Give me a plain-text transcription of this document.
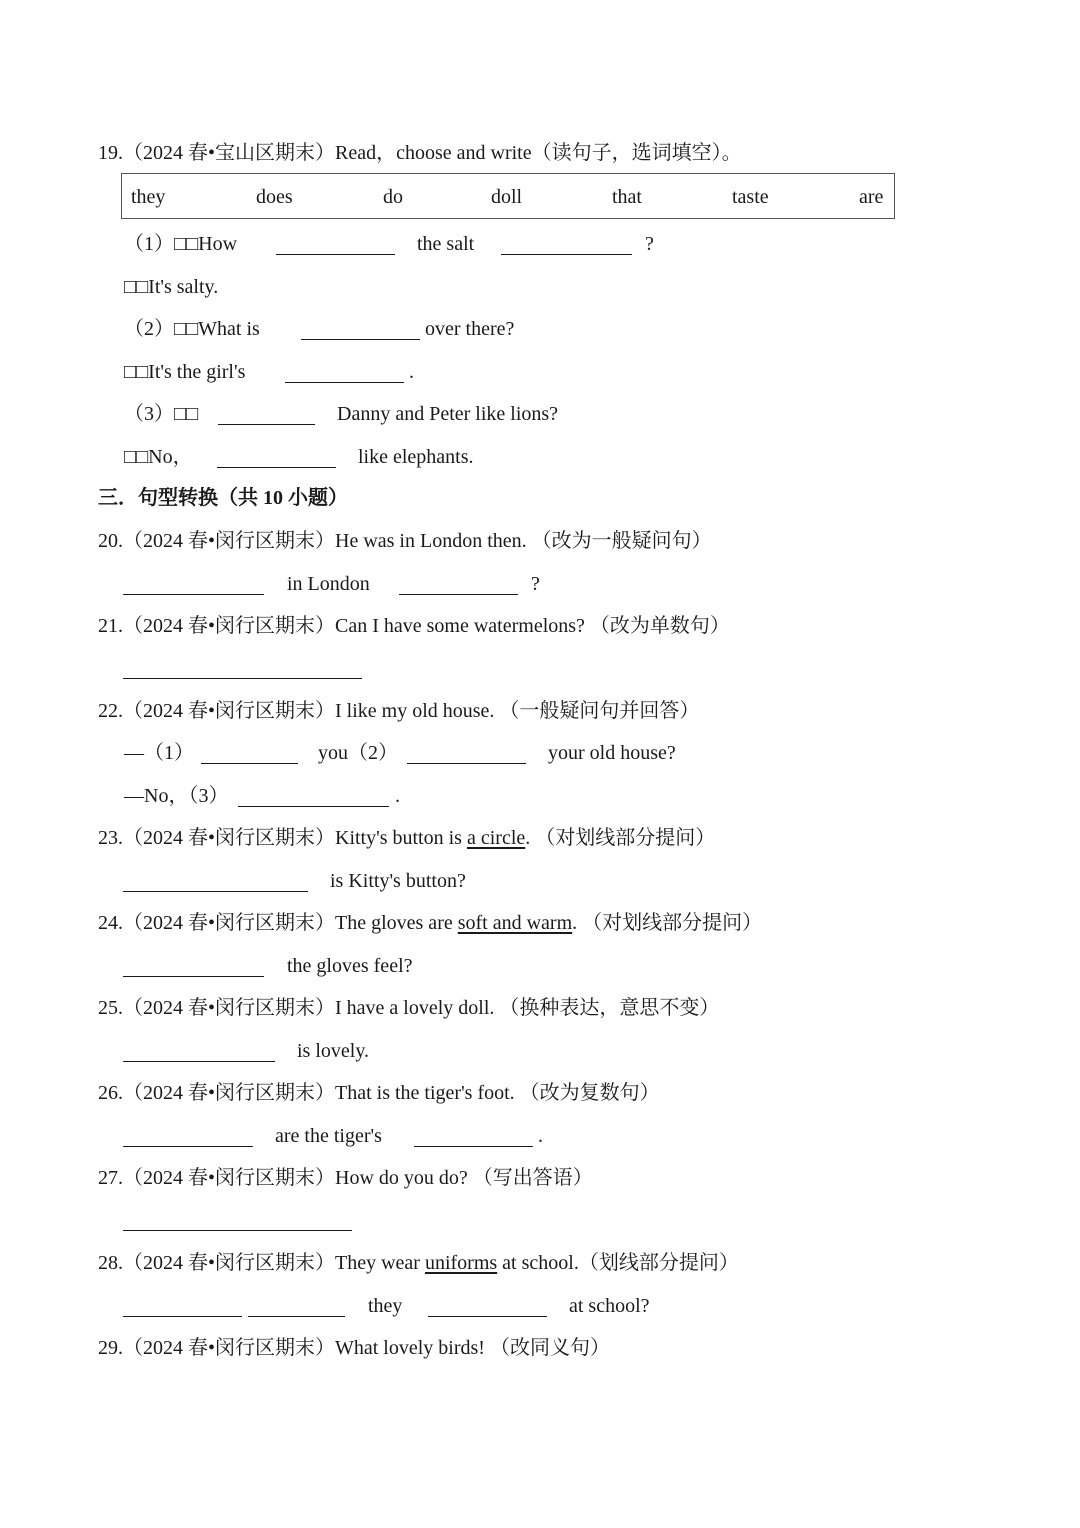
19.（2024 春•宝山区期末）Read，choose and write（读句子，选词填空）。
they	does	do	doll	that	taste	are
（1）□□How	the salt	?
□□It's salty.
（2）□□What is	over there?
□□It's the girl's	.
（3）□□	Danny and Peter like lions?
□□No，	like elephants.
三．句型转换（共 10 小题）
20.（2024 春•闵行区期末）He was in London then. （改为一般疑问句）
in London	?
21.（2024 春•闵行区期末）Can I have some watermelons? （改为单数句）
22.（2024 春•闵行区期末）I like my old house. （一般疑问句并回答）
—（1）	you（2）	your old house?
—No，（3）	.
23.（2024 春•闵行区期末）Kitty's button is a circle. （对划线部分提问）
is Kitty's button?
24.（2024 春•闵行区期末）The gloves are soft and warm. （对划线部分提问）
the gloves feel?
25.（2024 春•闵行区期末）I have a lovely doll. （换种表达，意思不变）
is lovely.
26.（2024 春•闵行区期末）That is the tiger's foot. （改为复数句）
are the tiger's	.
27.（2024 春•闵行区期末）How do you do? （写出答语）
28.（2024 春•闵行区期末）They wear uniforms at school.（划线部分提问）
they	at school?
29.（2024 春•闵行区期末）What lovely birds! （改同义句）
